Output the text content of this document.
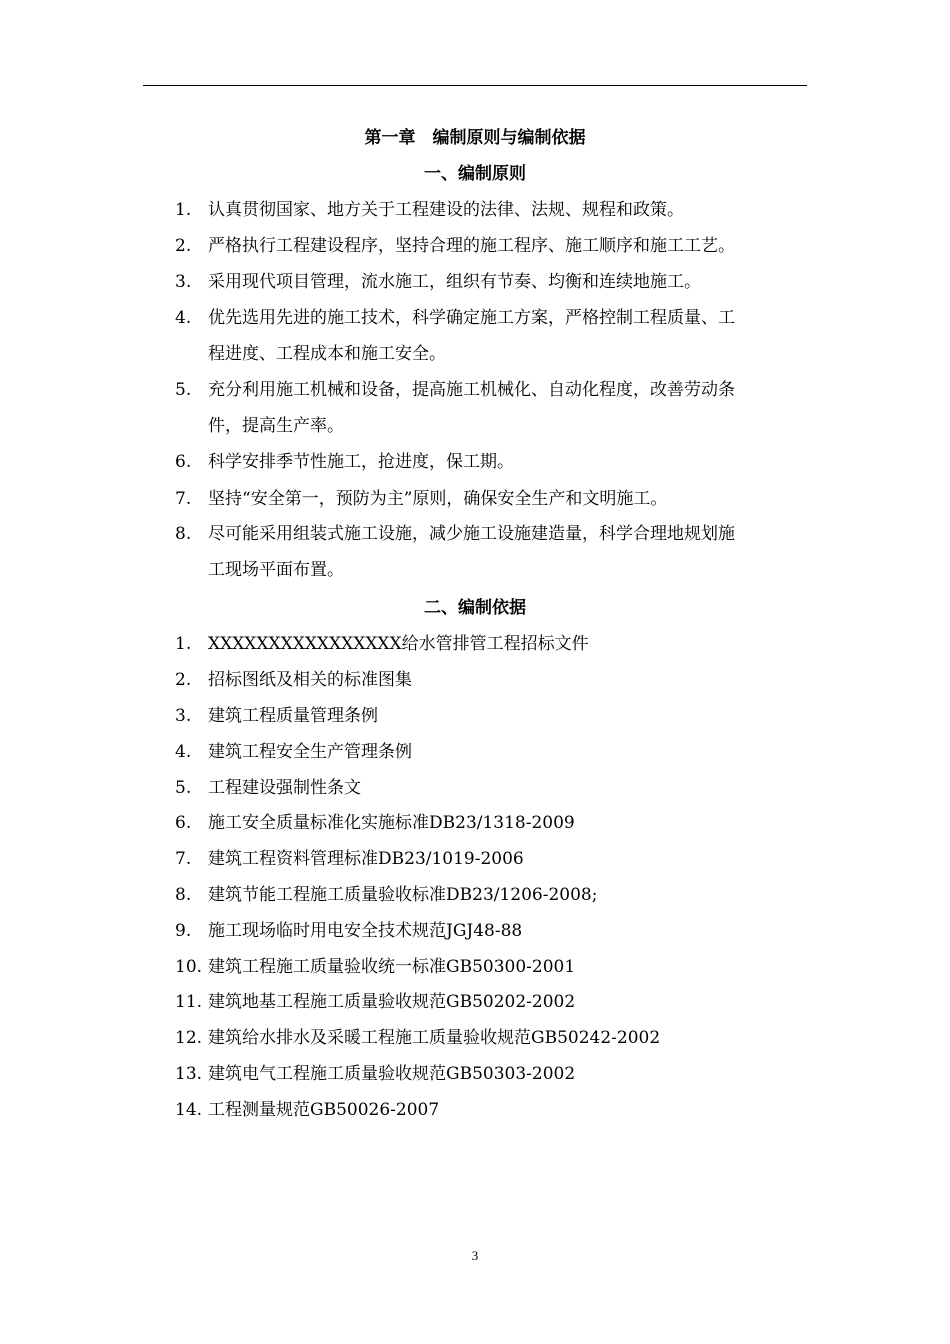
第一章　编制原则与编制依据
一、编制原则
1. 认真贯彻国家、地方关于工程建设的法律、法规、规程和政策。
2. 严格执行工程建设程序，坚持合理的施工程序、施工顺序和施工工艺。
3. 采用现代项目管理，流水施工，组织有节奏、均衡和连续地施工。
4. 优先选用先进的施工技术，科学确定施工方案，严格控制工程质量、工
程进度、工程成本和施工安全。
5. 充分利用施工机械和设备，提高施工机械化、自动化程度，改善劳动条
件，提高生产率。
6. 科学安排季节性施工，抢进度，保工期。
7. 坚持“安全第一，预防为主”原则，确保安全生产和文明施工。
8. 尽可能采用组装式施工设施，减少施工设施建造量，科学合理地规划施
工现场平面布置。
二、编制依据
1. XXXXXXXXXXXXXXXX给水管排管工程招标文件
2. 招标图纸及相关的标准图集
3. 建筑工程质量管理条例
4. 建筑工程安全生产管理条例
5. 工程建设强制性条文
6. 施工安全质量标准化实施标准DB23/1318-2009
7. 建筑工程资料管理标准DB23/1019-2006
8. 建筑节能工程施工质量验收标准DB23/1206-2008;
9. 施工现场临时用电安全技术规范JGJ48-88
10. 建筑工程施工质量验收统一标准GB50300-2001
11. 建筑地基工程施工质量验收规范GB50202-2002
12. 建筑给水排水及采暖工程施工质量验收规范GB50242-2002
13. 建筑电气工程施工质量验收规范GB50303-2002
14. 工程测量规范GB50026-2007
3
